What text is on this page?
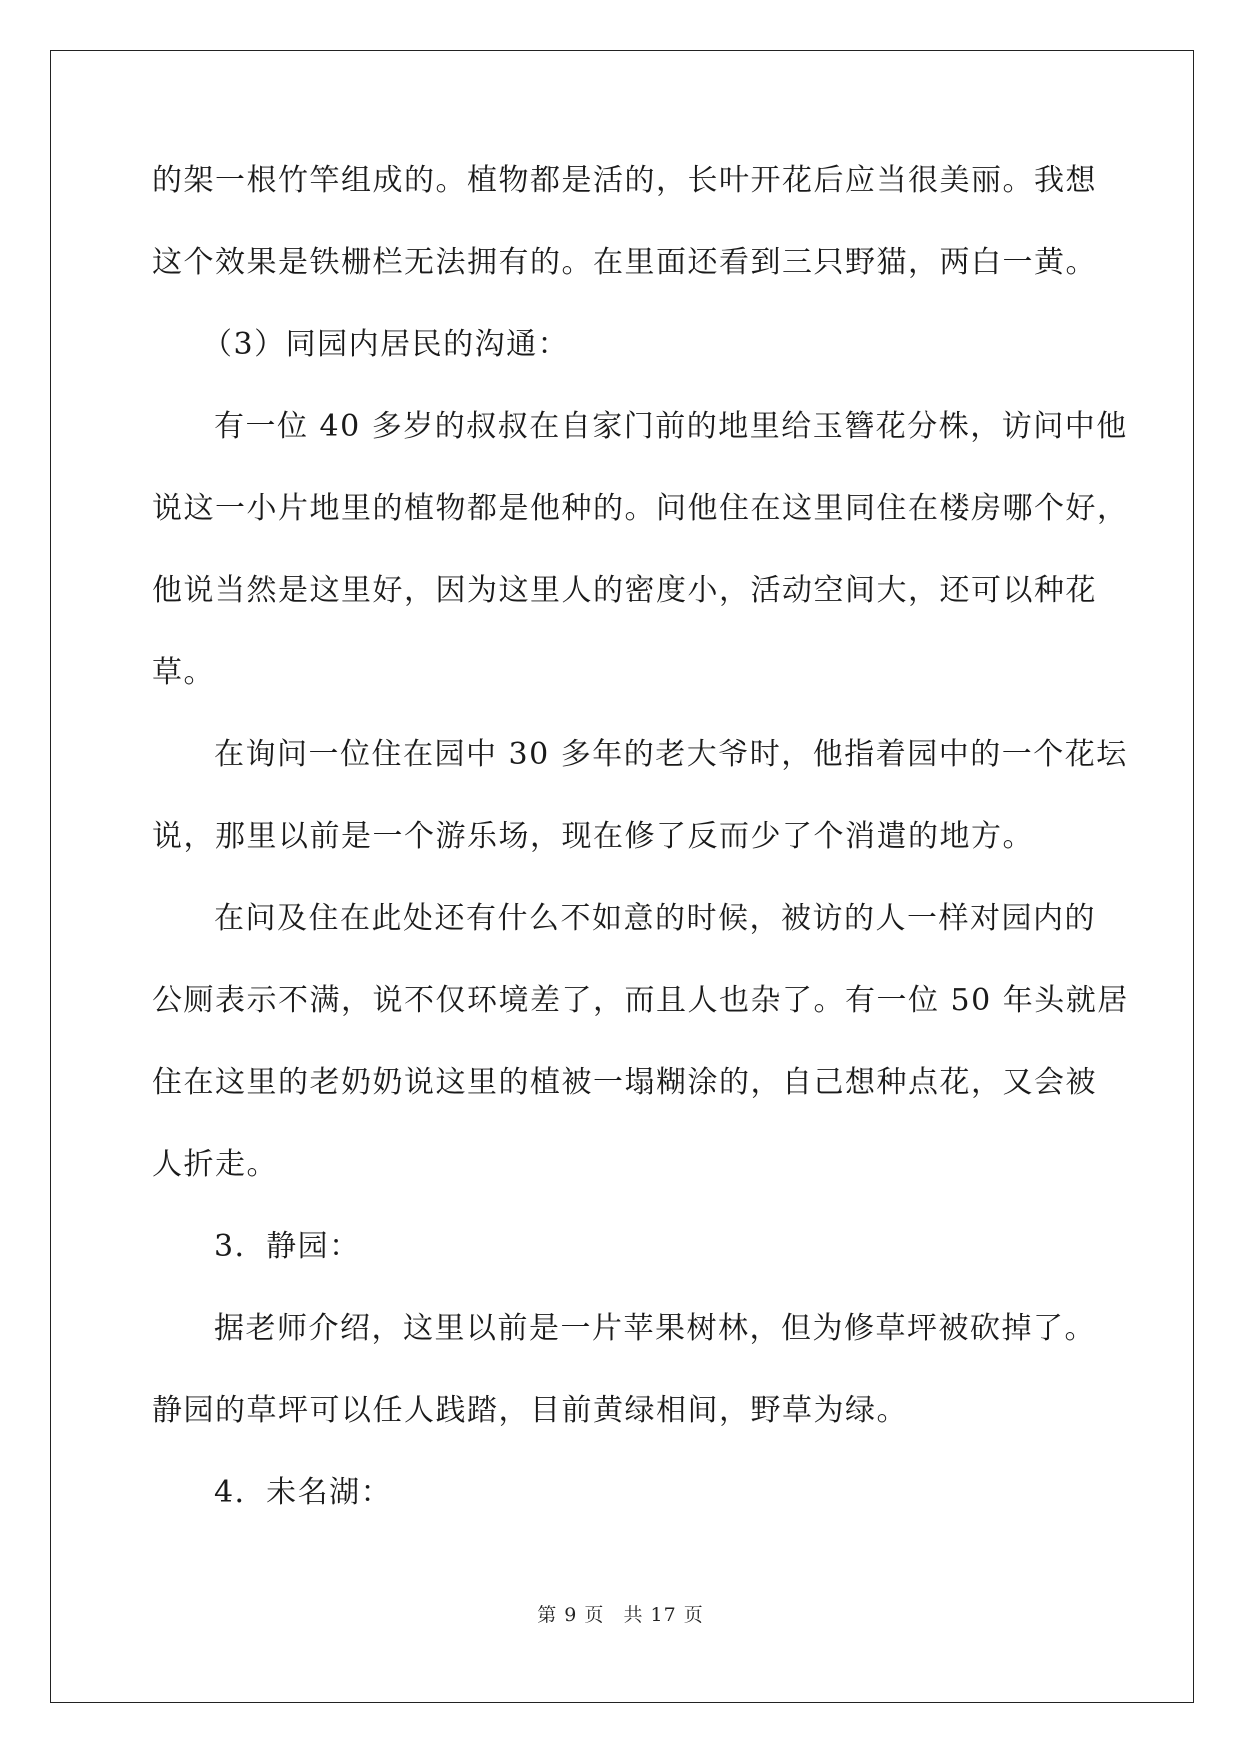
的架一根竹竿组成的。植物都是活的，长叶开花后应当很美丽。我想

这个效果是铁栅栏无法拥有的。在里面还看到三只野猫，两白一黄。

（3）同园内居民的沟通：

有一位 40 多岁的叔叔在自家门前的地里给玉簪花分株，访问中他

说这一小片地里的植物都是他种的。问他住在这里同住在楼房哪个好，

他说当然是这里好，因为这里人的密度小，活动空间大，还可以种花

草。

在询问一位住在园中 30 多年的老大爷时，他指着园中的一个花坛

说，那里以前是一个游乐场，现在修了反而少了个消遣的地方。

在问及住在此处还有什么不如意的时候，被访的人一样对园内的

公厕表示不满，说不仅环境差了，而且人也杂了。有一位 50 年头就居

住在这里的老奶奶说这里的植被一塌糊涂的，自己想种点花，又会被

人折走。

3．静园：

据老师介绍，这里以前是一片苹果树林，但为修草坪被砍掉了。

静园的草坪可以任人践踏，目前黄绿相间，野草为绿。

4．未名湖：

第 9 页 共 17 页
